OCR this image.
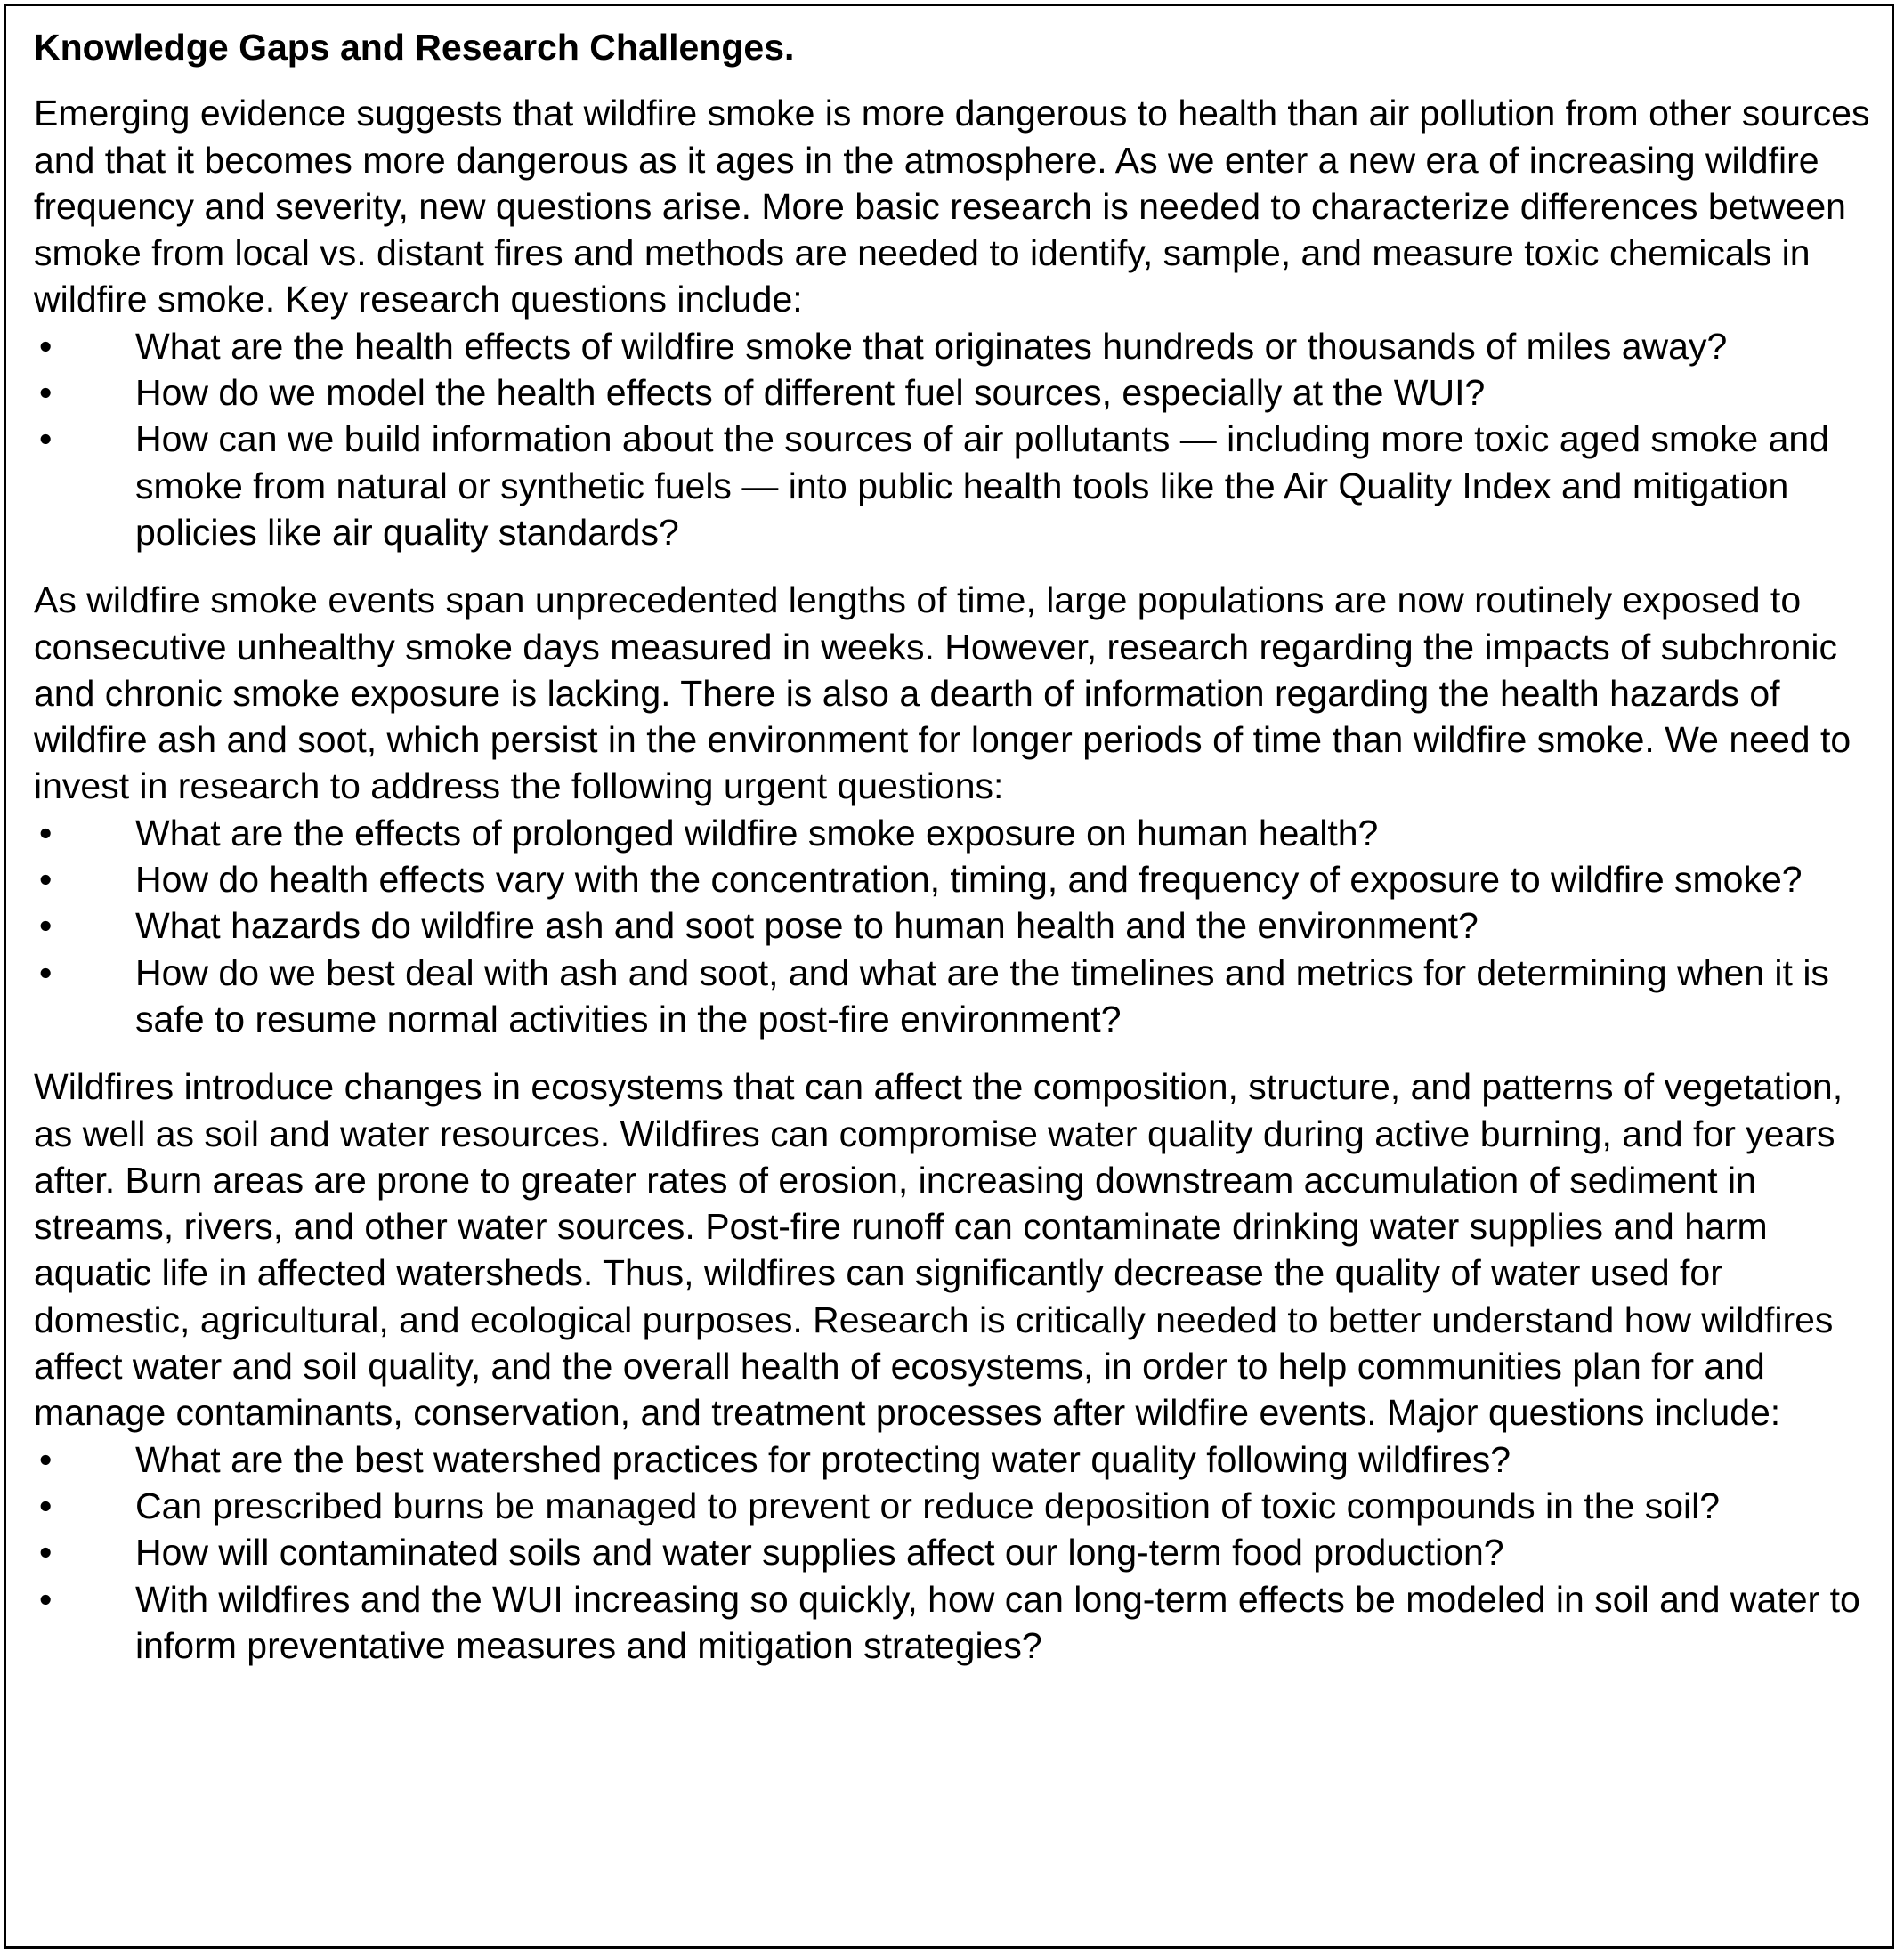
Knowledge Gaps and Research Challenges.

Emerging evidence suggests that wildfire smoke is more dangerous to health than air pollution from other sources and that it becomes more dangerous as it ages in the atmosphere. As we enter a new era of increasing wildfire frequency and severity, new questions arise. More basic research is needed to characterize differences between smoke from local vs. distant fires and methods are needed to identify, sample, and measure toxic chemicals in wildfire smoke. Key research questions include:

• What are the health effects of wildfire smoke that originates hundreds or thousands of miles away?
• How do we model the health effects of different fuel sources, especially at the WUI?
• How can we build information about the sources of air pollutants — including more toxic aged smoke and smoke from natural or synthetic fuels — into public health tools like the Air Quality Index and mitigation policies like air quality standards?

As wildfire smoke events span unprecedented lengths of time, large populations are now routinely exposed to consecutive unhealthy smoke days measured in weeks. However, research regarding the impacts of subchronic and chronic smoke exposure is lacking. There is also a dearth of information regarding the health hazards of wildfire ash and soot, which persist in the environment for longer periods of time than wildfire smoke. We need to invest in research to address the following urgent questions:

• What are the effects of prolonged wildfire smoke exposure on human health?
• How do health effects vary with the concentration, timing, and frequency of exposure to wildfire smoke?
• What hazards do wildfire ash and soot pose to human health and the environment?
• How do we best deal with ash and soot, and what are the timelines and metrics for determining when it is safe to resume normal activities in the post-fire environment?

Wildfires introduce changes in ecosystems that can affect the composition, structure, and patterns of vegetation, as well as soil and water resources. Wildfires can compromise water quality during active burning, and for years after. Burn areas are prone to greater rates of erosion, increasing downstream accumulation of sediment in streams, rivers, and other water sources. Post-fire runoff can contaminate drinking water supplies and harm aquatic life in affected watersheds. Thus, wildfires can significantly decrease the quality of water used for domestic, agricultural, and ecological purposes. Research is critically needed to better understand how wildfires affect water and soil quality, and the overall health of ecosystems, in order to help communities plan for and manage contaminants, conservation, and treatment processes after wildfire events. Major questions include:

• What are the best watershed practices for protecting water quality following wildfires?
• Can prescribed burns be managed to prevent or reduce deposition of toxic compounds in the soil?
• How will contaminated soils and water supplies affect our long-term food production?
• With wildfires and the WUI increasing so quickly, how can long-term effects be modeled in soil and water to inform preventative measures and mitigation strategies?
